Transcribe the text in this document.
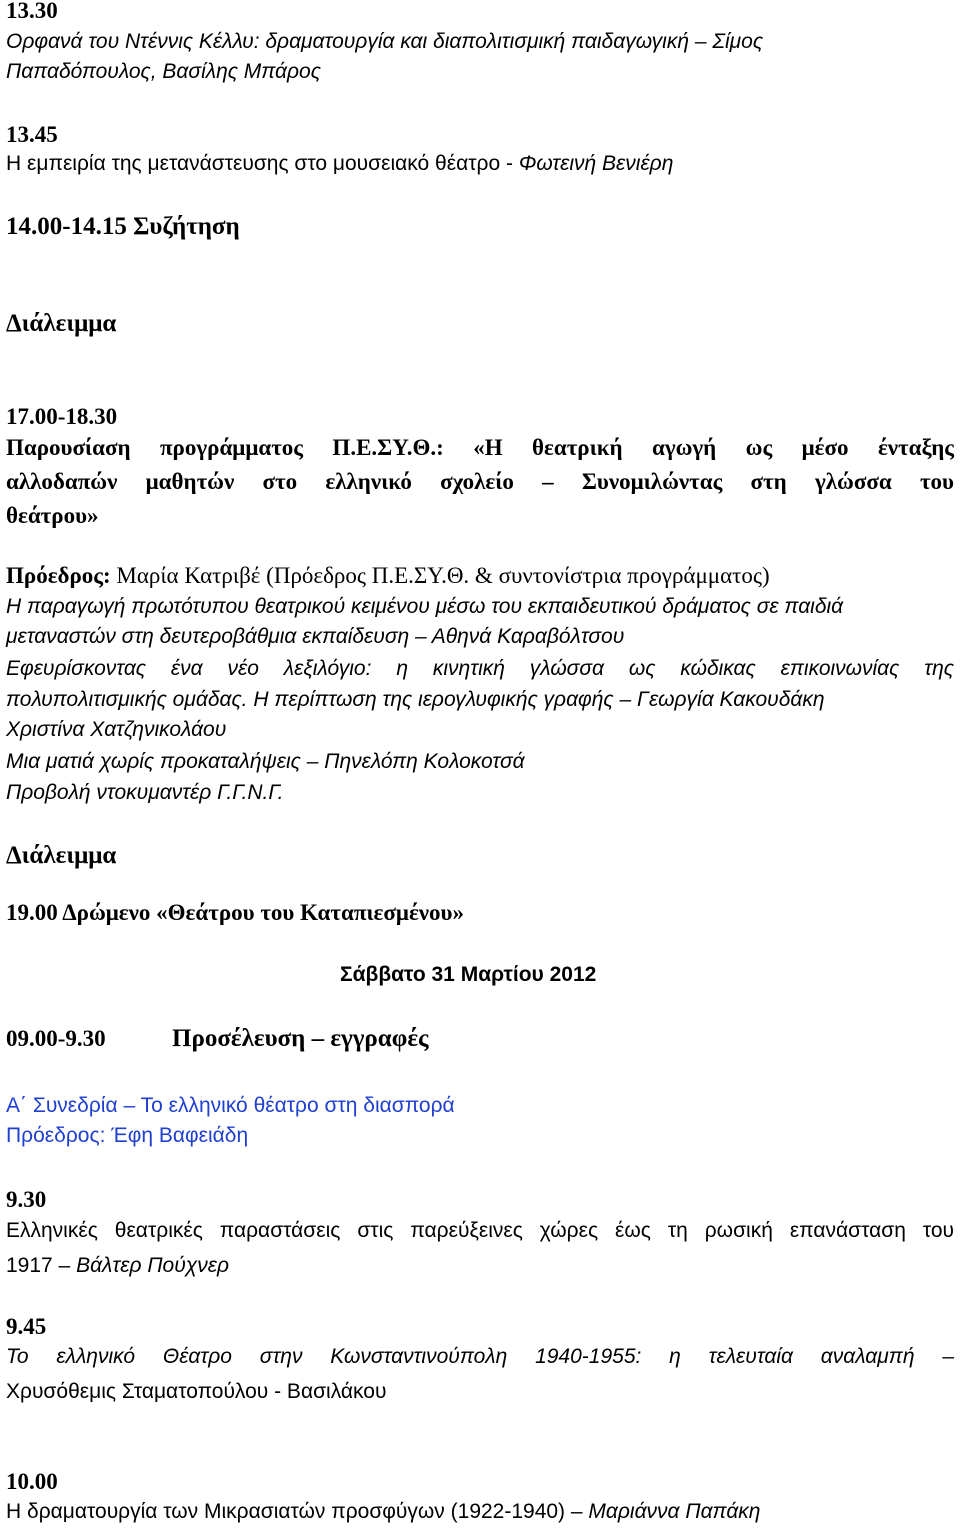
13.30

Ορφανά του Ντέννις Κέλλυ: δραματουργία και διαπολιτισμική παιδαγωγική – Σίμος

Παπαδόπουλος, Βασίλης Μπάρος

13.45

Η εμπειρία της μετανάστευσης στο μουσειακό θέατρο - Φωτεινή Βενιέρη

14.00-14.15 Συζήτηση

Διάλειμμα

17.00-18.30

Παρουσίαση προγράμματος Π.Ε.ΣΥ.Θ.: «Η θεατρική αγωγή ως μέσο ένταξης

αλλοδαπών μαθητών στο ελληνικό σχολείο – Συνομιλώντας στη γλώσσα του

θεάτρου»

Πρόεδρος: Μαρία Κατριβέ (Πρόεδρος Π.Ε.ΣΥ.Θ. & συντονίστρια προγράμματος)

Η παραγωγή πρωτότυπου θεατρικού κειμένου μέσω του εκπαιδευτικού δράματος σε παιδιά

μεταναστών στη δευτεροβάθμια εκπαίδευση – Αθηνά Καραβόλτσου

Εφευρίσκοντας ένα νέο λεξιλόγιο: η κινητική γλώσσα ως κώδικας επικοινωνίας της

πολυπολιτισμικής ομάδας. Η περίπτωση της ιερογλυφικής γραφής – Γεωργία Κακουδάκη

Χριστίνα Χατζηνικολάου

Μια ματιά χωρίς προκαταλήψεις – Πηνελόπη Κολοκοτσά

Προβολή ντοκυμαντέρ Γ.Γ.Ν.Γ.

Διάλειμμα

19.00 Δρώμενο «Θεάτρου του Καταπιεσμένου»

Σάββατο 31 Μαρτίου 2012

09.00-9.30	Προσέλευση – εγγραφές

Α΄ Συνεδρία – Το ελληνικό θέατρο στη διασπορά

Πρόεδρος: Έφη Βαφειάδη

9.30

Ελληνικές θεατρικές παραστάσεις στις παρεύξεινες χώρες έως τη ρωσική επανάσταση του

1917 – Βάλτερ Πούχνερ

9.45

Το ελληνικό Θέατρο στην Κωνσταντινούπολη 1940-1955: η τελευταία αναλαμπή –

Χρυσόθεμις Σταματοπούλου - Βασιλάκου

10.00

Η δραματουργία των Μικρασιατών προσφύγων (1922-1940) – Μαριάννα Παπάκη
